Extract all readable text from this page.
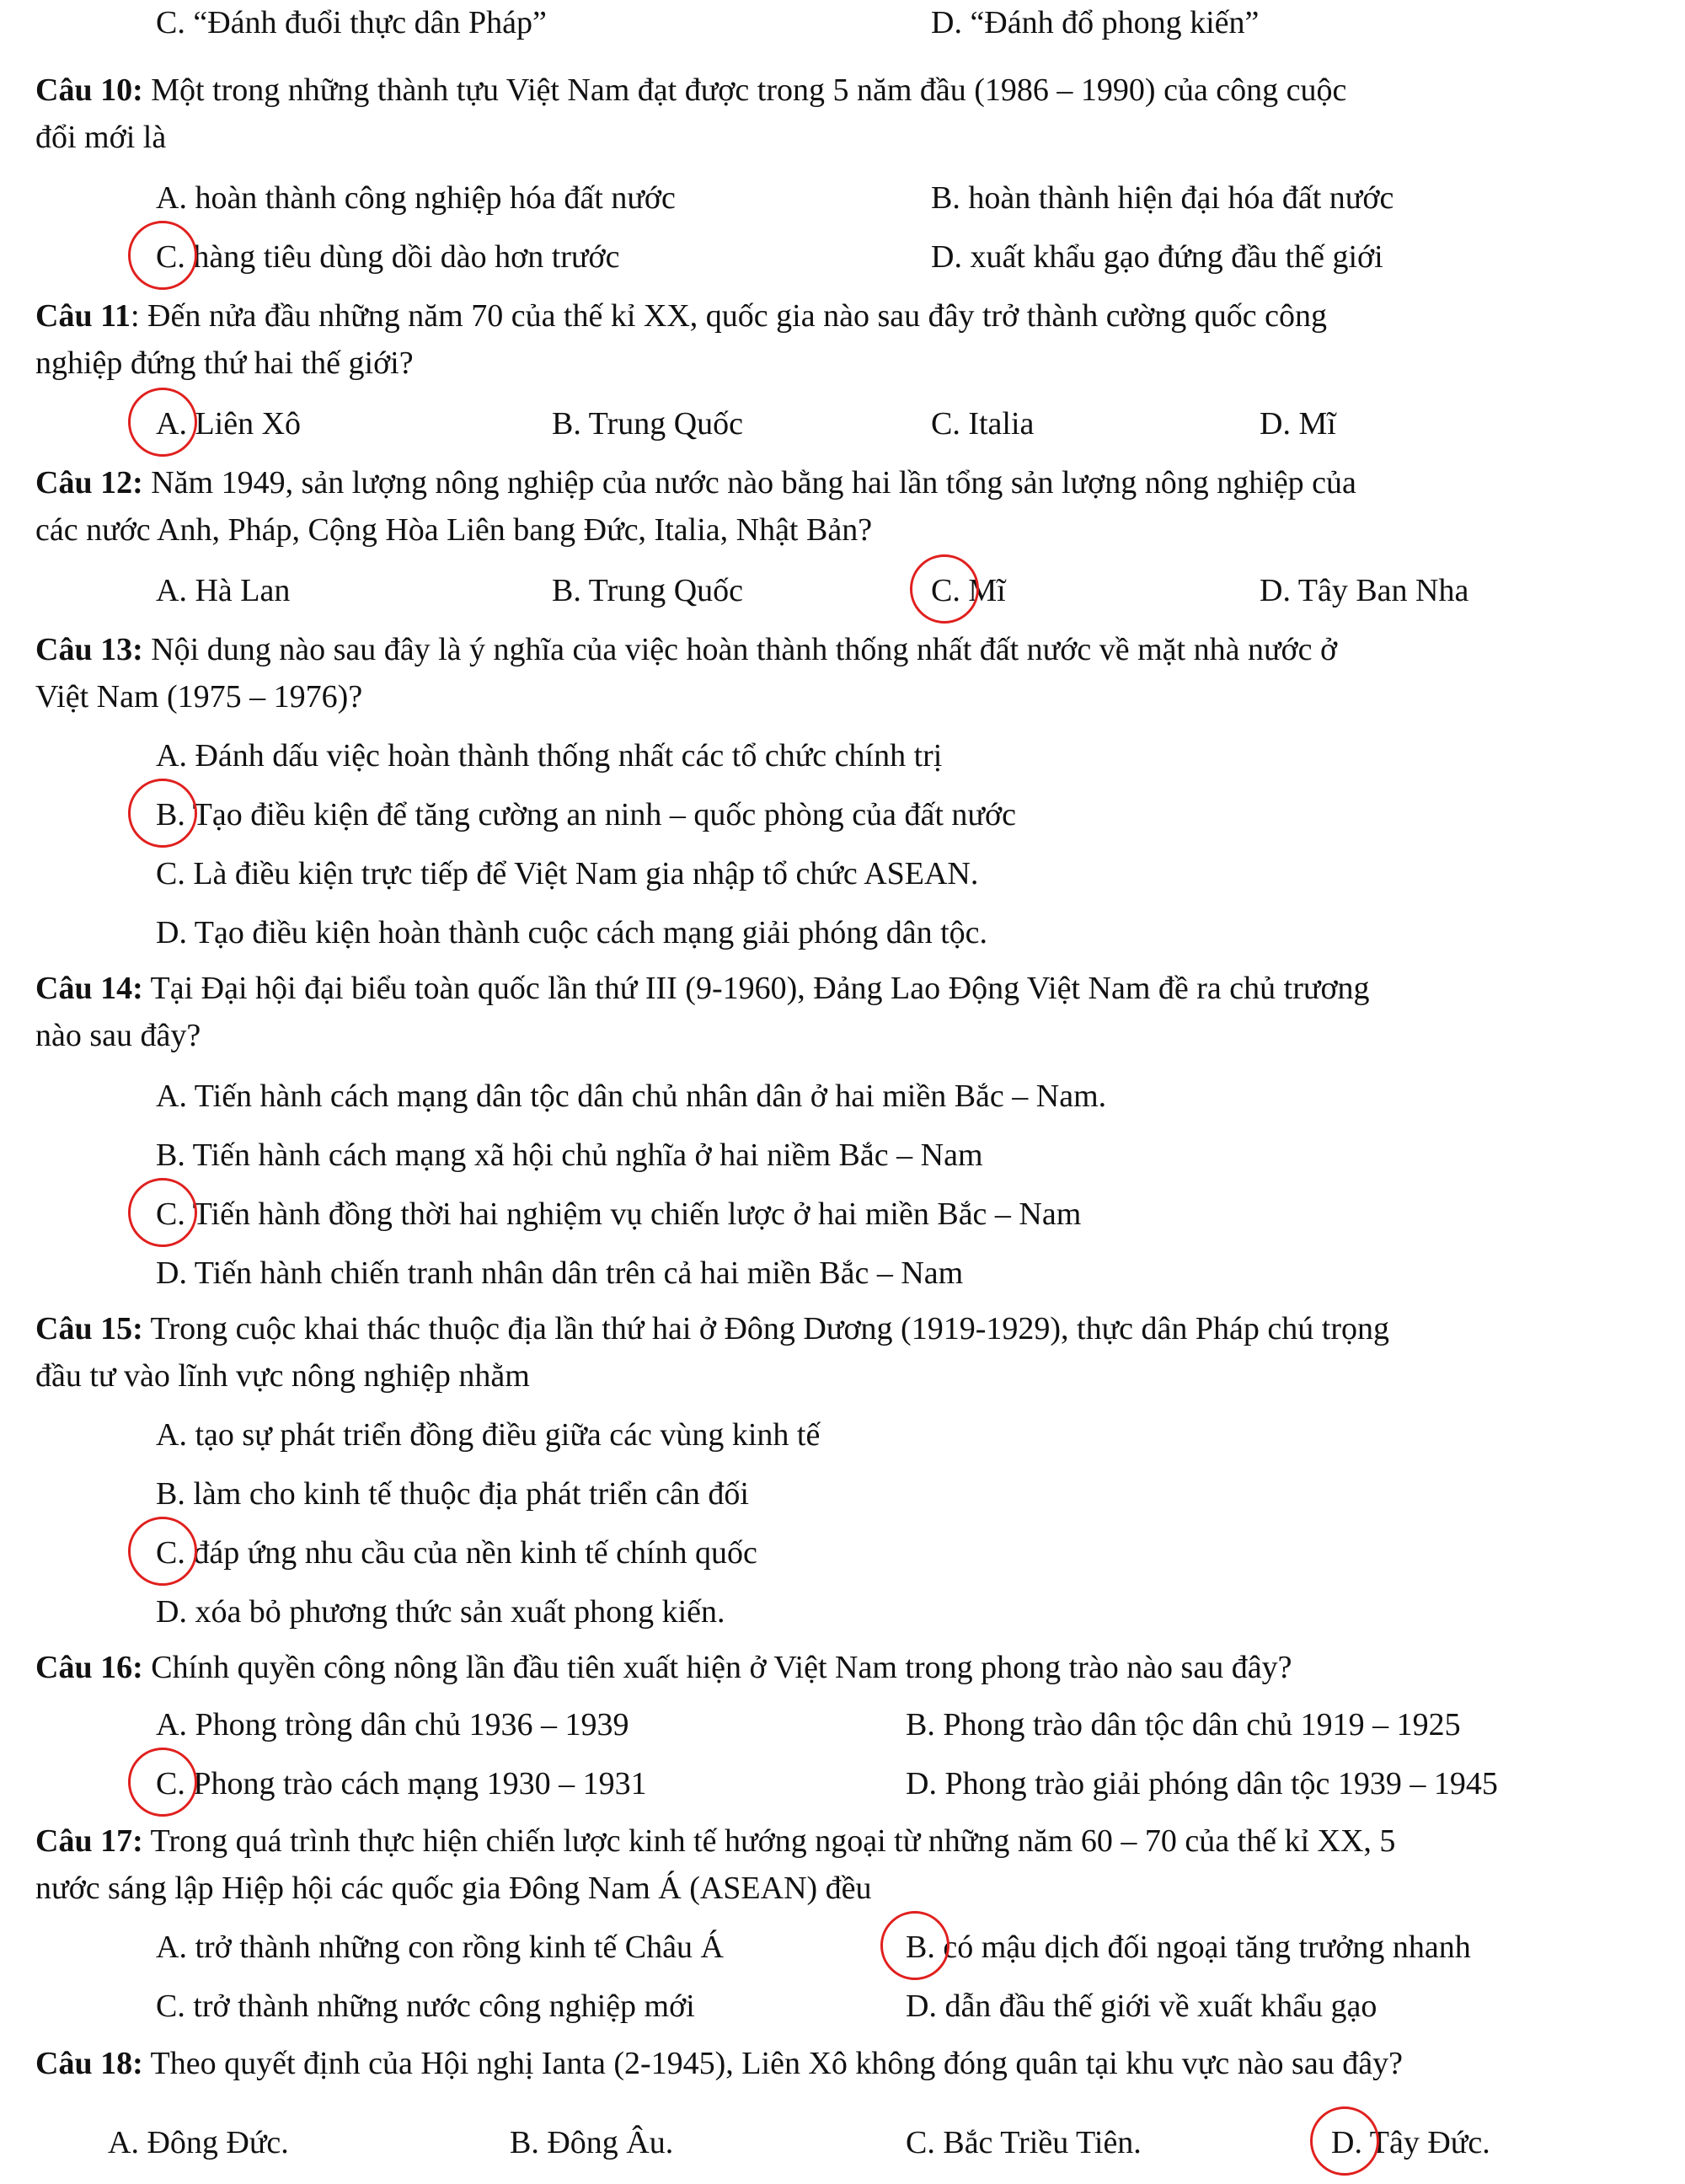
C. “Đánh đuổi thực dân Pháp”	D. “Đánh đổ phong kiến”
Câu 10: Một trong những thành tựu Việt Nam đạt được trong 5 năm đầu (1986 – 1990) của công cuộc
đổi mới là
A. hoàn thành công nghiệp hóa đất nước	B. hoàn thành hiện đại hóa đất nước
C. hàng tiêu dùng dồi dào hơn trước	D. xuất khẩu gạo đứng đầu thế giới
Câu 11: Đến nửa đầu những năm 70 của thế kỉ XX, quốc gia nào sau đây trở thành cường quốc công
nghiệp đứng thứ hai thế giới?
A. Liên Xô	B. Trung Quốc	C. Italia	D. Mĩ
Câu 12: Năm 1949, sản lượng nông nghiệp của nước nào bằng hai lần tổng sản lượng nông nghiệp của
các nước Anh, Pháp, Cộng Hòa Liên bang Đức, Italia, Nhật Bản?
A. Hà Lan	B. Trung Quốc	C. Mĩ	D. Tây Ban Nha
Câu 13: Nội dung nào sau đây là ý nghĩa của việc hoàn thành thống nhất đất nước về mặt nhà nước ở
Việt Nam (1975 – 1976)?
A. Đánh dấu việc hoàn thành thống nhất các tổ chức chính trị
B. Tạo điều kiện để tăng cường an ninh – quốc phòng của đất nước
C. Là điều kiện trực tiếp để Việt Nam gia nhập tổ chức ASEAN.
D. Tạo điều kiện hoàn thành cuộc cách mạng giải phóng dân tộc.
Câu 14: Tại Đại hội đại biểu toàn quốc lần thứ III (9-1960), Đảng Lao Động Việt Nam đề ra chủ trương
nào sau đây?
A. Tiến hành cách mạng dân tộc dân chủ nhân dân ở hai miền Bắc – Nam.
B. Tiến hành cách mạng xã hội chủ nghĩa ở hai niềm Bắc – Nam
C. Tiến hành đồng thời hai nghiệm vụ chiến lược ở hai miền Bắc – Nam
D. Tiến hành chiến tranh nhân dân trên cả hai miền Bắc – Nam
Câu 15: Trong cuộc khai thác thuộc địa lần thứ hai ở Đông Dương (1919-1929), thực dân Pháp chú trọng
đầu tư vào lĩnh vực nông nghiệp nhằm
A. tạo sự phát triển đồng điều giữa các vùng kinh tế
B. làm cho kinh tế thuộc địa phát triển cân đối
C. đáp ứng nhu cầu của nền kinh tế chính quốc
D. xóa bỏ phương thức sản xuất phong kiến.
Câu 16: Chính quyền công nông lần đầu tiên xuất hiện ở Việt Nam trong phong trào nào sau đây?
A. Phong tròng dân chủ 1936 – 1939	B. Phong trào dân tộc dân chủ 1919 – 1925
C. Phong trào cách mạng 1930 – 1931	D. Phong trào giải phóng dân tộc 1939 – 1945
Câu 17: Trong quá trình thực hiện chiến lược kinh tế hướng ngoại từ những năm 60 – 70 của thế kỉ XX, 5
nước sáng lập Hiệp hội các quốc gia Đông Nam Á (ASEAN) đều
A. trở thành những con rồng kinh tế Châu Á	B. có mậu dịch đối ngoại tăng trưởng nhanh
C. trở thành những nước công nghiệp mới	D. dẫn đầu thế giới về xuất khẩu gạo
Câu 18: Theo quyết định của Hội nghị Ianta (2-1945), Liên Xô không đóng quân tại khu vực nào sau đây?
A. Đông Đức.	B. Đông Âu.	C. Bắc Triều Tiên.	D. Tây Đức.
